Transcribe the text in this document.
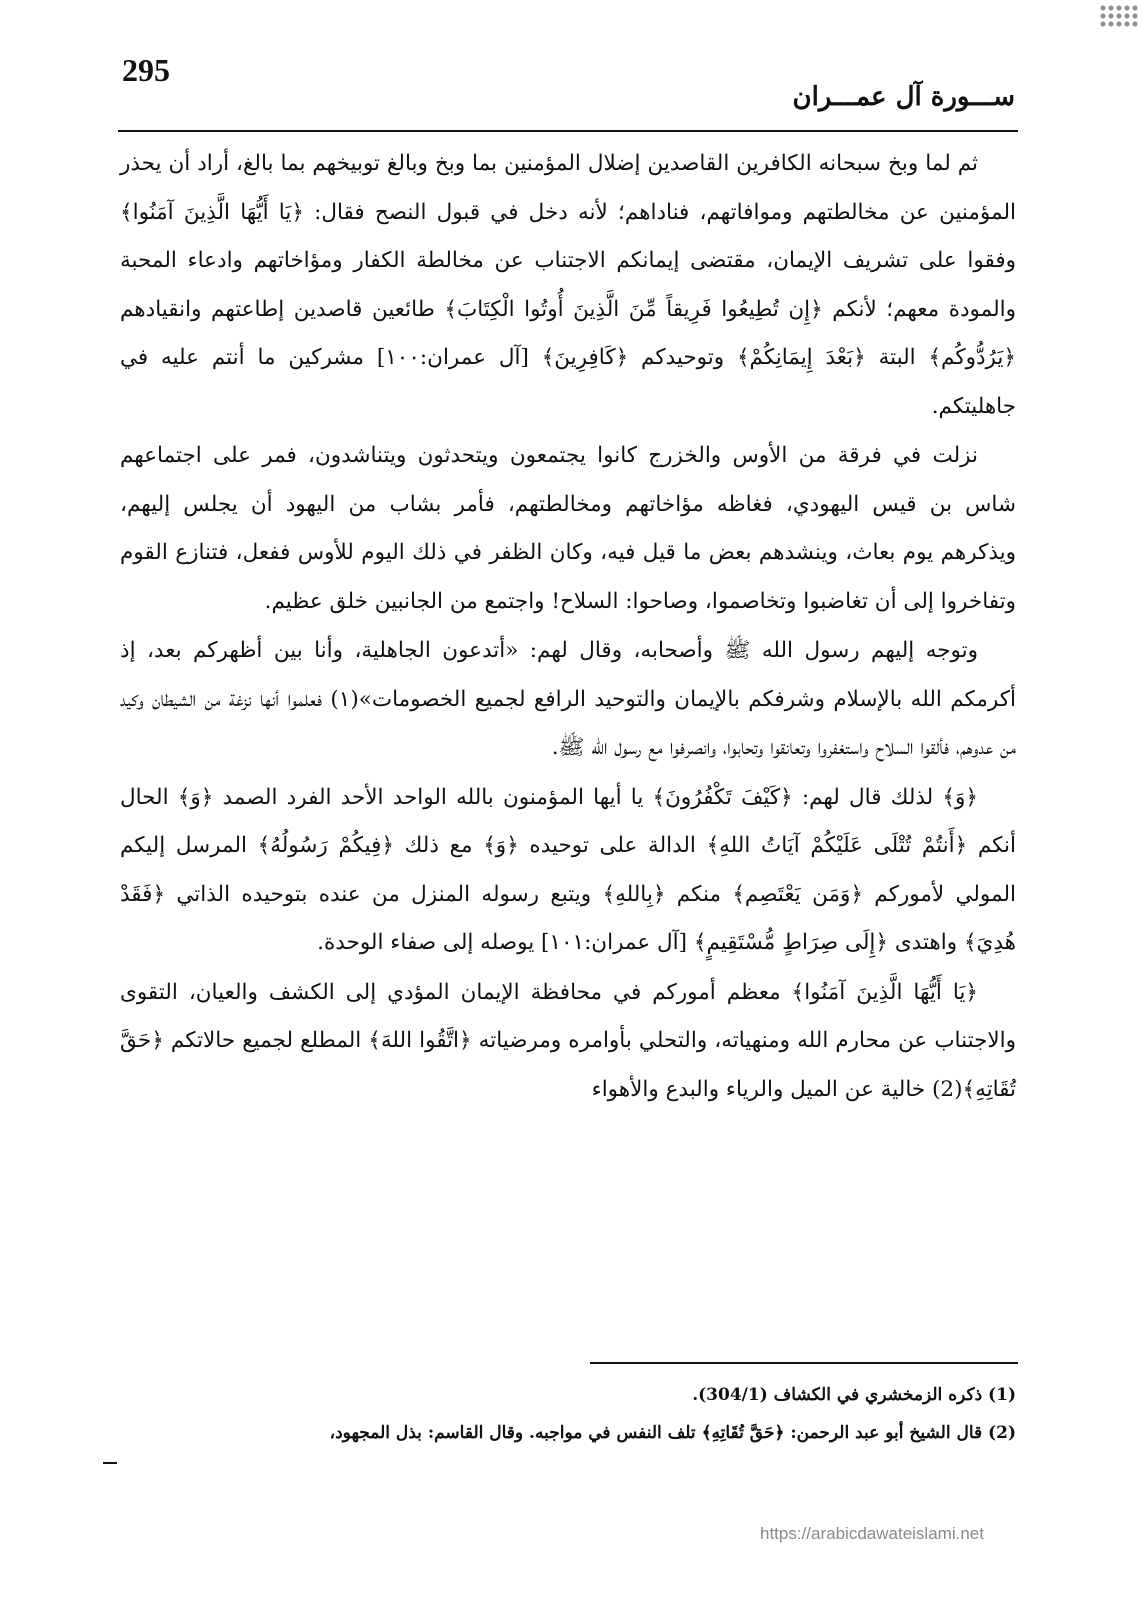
295
ســـورة آل عمـــران

ثم لما وبخ سبحانه الكافرين القاصدين إضلال المؤمنين بما وبخ وبالغ توبيخهم بما بالغ، أراد أن يحذر المؤمنين عن مخالطتهم وموافاتهم، فناداهم؛ لأنه دخل في قبول النصح فقال: ﴿يَا أَيُّهَا الَّذِينَ آمَنُوا﴾ وفقوا على تشريف الإيمان، مقتضى إيمانكم الاجتناب عن مخالطة الكفار ومؤاخاتهم وادعاء المحبة والمودة معهم؛ لأنكم ﴿إِن تُطِيعُوا فَرِيقاً مِّنَ الَّذِينَ أُوتُوا الْكِتَابَ﴾ طائعين قاصدين إطاعتهم وانقيادهم ﴿يَرُدُّوكُم﴾ البتة ﴿بَعْدَ إِيمَانِكُمْ﴾ وتوحيدكم ﴿كَافِرِينَ﴾ [آل عمران:١٠٠] مشركين ما أنتم عليه في جاهليتكم.

نزلت في فرقة من الأوس والخزرج كانوا يجتمعون ويتحدثون ويتناشدون، فمر على اجتماعهم شاس بن قيس اليهودي، فغاظه مؤاخاتهم ومخالطتهم، فأمر بشاب من اليهود أن يجلس إليهم، ويذكرهم يوم بعاث، وينشدهم بعض ما قيل فيه، وكان الظفر في ذلك اليوم للأوس ففعل، فتنازع القوم وتفاخروا إلى أن تغاضبوا وتخاصموا، وصاحوا: السلاح! واجتمع من الجانبين خلق عظيم.

وتوجه إليهم رسول الله ﷺ وأصحابه، وقال لهم: «أتدعون الجاهلية، وأنا بين أظهركم بعد، إذ أكرمكم الله بالإسلام وشرفكم بالإيمان والتوحيد الرافع لجميع الخصومات»(١) فعلموا أنها نزغة من الشيطان وكيد من عدوهم، فألقوا السلاح واستغفروا وتعانقوا وتحابوا، وانصرفوا مع رسول الله ﷺ.

﴿وَ﴾ لذلك قال لهم: ﴿كَيْفَ تَكْفُرُونَ﴾ يا أيها المؤمنون بالله الواحد الأحد الفرد الصمد ﴿وَ﴾ الحال أنكم ﴿أَنتُمْ تُتْلَى عَلَيْكُمْ آيَاتُ اللهِ﴾ الدالة على توحيده ﴿وَ﴾ مع ذلك ﴿فِيكُمْ رَسُولُهُ﴾ المرسل إليكم المولي لأموركم ﴿وَمَن يَعْتَصِم﴾ منكم ﴿بِاللهِ﴾ ويتبع رسوله المنزل من عنده بتوحيده الذاتي ﴿فَقَدْ هُدِيَ﴾ واهتدى ﴿إِلَى صِرَاطٍ مُّسْتَقِيمٍ﴾ [آل عمران:١٠١] يوصله إلى صفاء الوحدة.

﴿يَا أَيُّهَا الَّذِينَ آمَنُوا﴾ معظم أموركم في محافظة الإيمان المؤدي إلى الكشف والعيان، التقوى والاجتناب عن محارم الله ومنهياته، والتحلي بأوامره ومرضياته ﴿اتَّقُوا اللهَ﴾ المطلع لجميع حالاتكم ﴿حَقَّ تُقَاتِهِ﴾(2) خالية عن الميل والرياء والبدع والأهواء

(1) ذكره الزمخشري في الكشاف (304/1).

(2) قال الشيخ أبو عبد الرحمن: ﴿حَقَّ تُقَاتِهِ﴾ تلف النفس في مواجبه. وقال القاسم: بذل المجهود،

https://arabicdawateislami.net
